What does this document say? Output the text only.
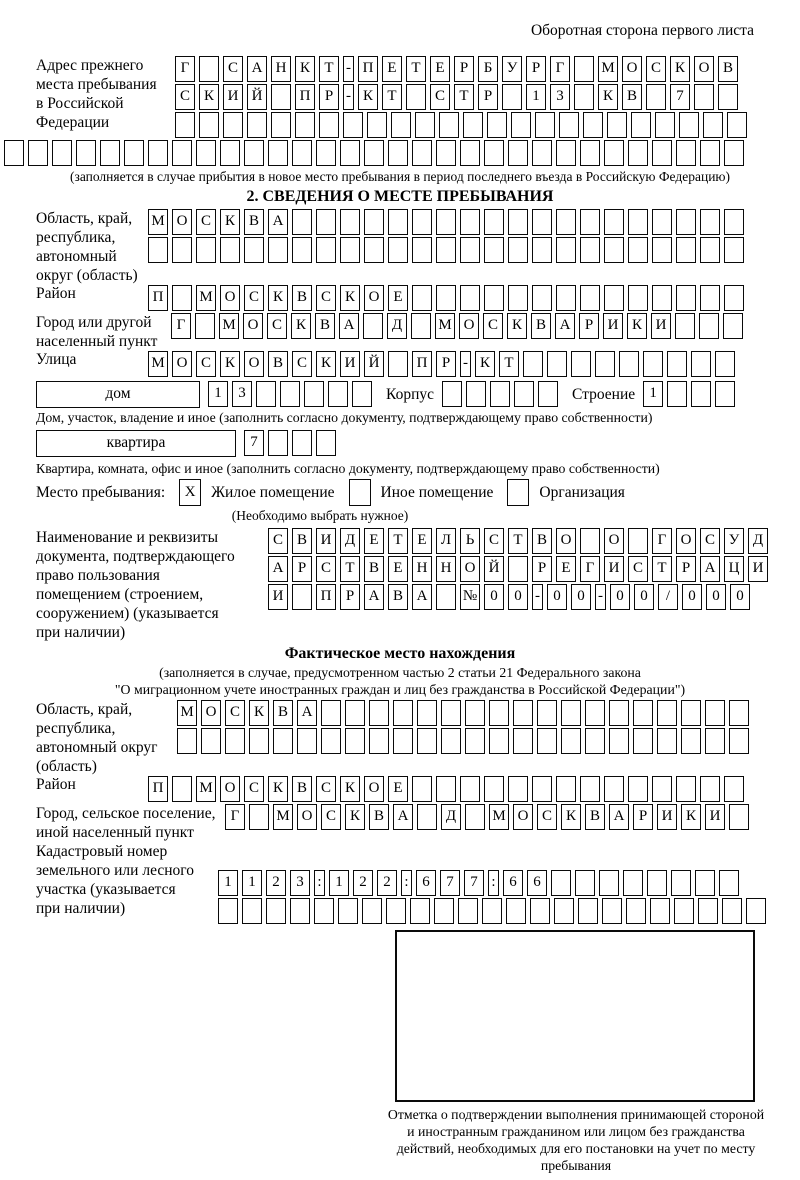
Оборотная сторона первого листа
Адрес прежнего
места пребывания
в Российской
Федерации
Г	С А Н К Т - П Е Т Е	Р	Б У Р	Г	М О С К О В
С К И Й	П Р - К Т	С Т	Р	1	3	К В	7
(заполняется в случае прибытия в новое место пребывания в период последнего въезда в Российскую Федерацию)
2. СВЕДЕНИЯ О МЕСТЕ ПРЕБЫВАНИЯ
Область, край,
республика,
автономный
округ (область)
М О С К В А
Район	П	М О С К В С К О Е
Город или другой
населенный пункт
Г	М О С К В А	Д	М О С К В А Р И К И
Улица	М О С К О В С К И Й	П Р - К Т
дом	1	3	Корпус	Строение 1
Дом, участок, владение и иное (заполнить согласно документу, подтверждающему право собственности)
квартира	7
Квартира, комната, офис и иное (заполнить согласно документу, подтверждающему право собственности)
Место пребывания:	X	Жилое помещение	Иное помещение	Организация
(Необходимо выбрать нужное)
Наименование и реквизиты
документа, подтверждающего
право пользования
помещением (строением,
сооружением) (указывается
при наличии)
С В И Д Е Т Е Л Ь С Т В О	О	Г О С У Д
А Р С Т В Е Н Н О Й	Р	Е	Г И С Т	Р А Ц И
И	П Р А В А	№ 0	0 - 0	0 - 0	0	/	0	0	0
Фактическое место нахождения
(заполняется в случае, предусмотренном частью 2 статьи 21 Федерального закона
"О миграционном учете иностранных граждан и лиц без гражданства в Российской Федерации")
Область, край,
республика,
автономный округ
(область)
М О С К В А
Район	П	М О С К В С К О Е
Город, сельское поселение,
иной населенный пункт
Г	М О С К В А	Д	М О С К В А Р И К И
Кадастровый номер
земельного или лесного
участка (указывается
при наличии)
1	1	2	3 : 1	2	2 : 6	7	7 : 6	6
Отметка о подтверждении выполнения принимающей стороной и иностранным гражданином или лицом без гражданства действий, необходимых для его постановки на учет по месту пребывания
